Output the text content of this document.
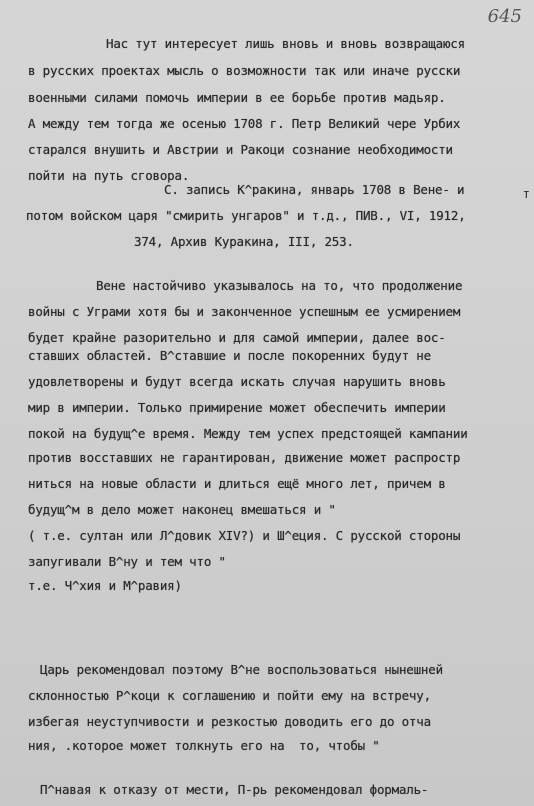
645
т
Нас тут интересует лишь вновь и вновь возвращаюся
в русских проектах мысль о возможности так или иначе русски
военными силами помочь империи в ее борьбе против мадьяр.
А между тем тогда же осенью 1708 г. Петр Великий чере Урбих
старался внушить и Австрии и Ракоци сознание необходимости
пойти на путь сговора.
С. запись К^ракина, январь 1708 в Вене- и
потом войском царя "смирить унгаров" и т.д., ПИВ., VI, 1912,
374, Архив Куракина, III, 253.
Вене настойчиво указывалось на то, что продолжение
войны с Уграми хотя бы и законченное успешным ее усмирением
будет крайне разорительно и для самой империи, далее вос-
ставших областей. В^ставшие и после покоренних будут не
удовлетворены и будут всегда искать случая нарушить вновь
мир в империи. Только примирение может обеспечить империи
покой на будущ^е время. Между тем успех предстоящей кампании
против восставших не гарантирован, движение может распростр
ниться на новые области и длиться ещё много лет, причем в
будущ^м в дело может наконец вмешаться и "
( т.е. султан или Л^довик XIV?) и Ш^еция. С русской стороны
запугивали В^ну и тем что "
т.е. Ч^хия и М^равия)
Царь рекомендовал поэтому В^не воспользоваться нынешней
склонностью Р^коци к соглашению и пойти ему на встречу,
избегая неуступчивости и резкостью доводить его до отча
ния, .которое может толкнуть его на  то, чтобы "
П^навая к отказу от мести, П-рь рекомендовал формаль-
